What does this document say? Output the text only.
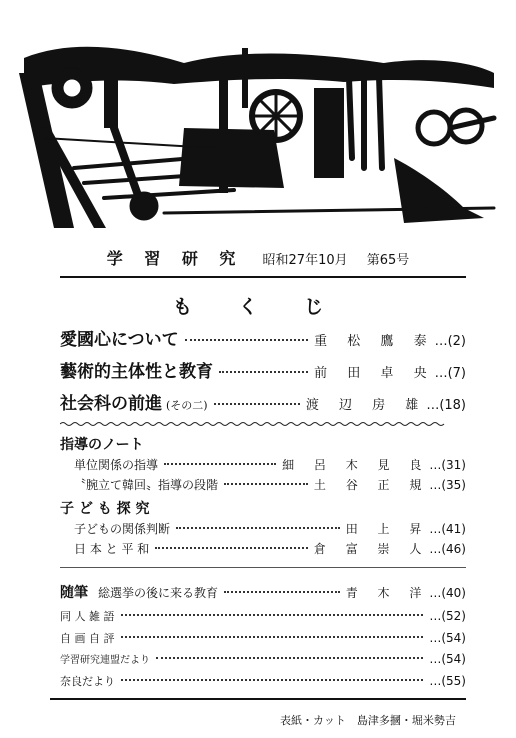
学 習 研 究 昭和27年10月 第65号
も く じ
愛國心について	重 松 鷹 泰 …(2)
藝術的主体性と教育	前 田 卓 央 …(7)
社会科の前進 (その二)	渡 辺 房 雄 …(18)
指導のノート
単位関係の指導	細 呂 木 見 良 …(31)
〝腕立て韓回〟指導の段階	土 谷 正 規 …(35)
子 ど も 探 究
子どもの関係判断	田 上 昇 …(41)
日 本 と 平 和	倉 富 崇 人 …(46)
随筆 総選挙の後に来る教育	青 木 洋 …(40)
同 人 雑 語	…(52)
自 画 自 評	…(54)
学習研究連盟だより	…(54)
奈良だより	…(55)
表紙・カット　島津多摑・堀米勢吉
